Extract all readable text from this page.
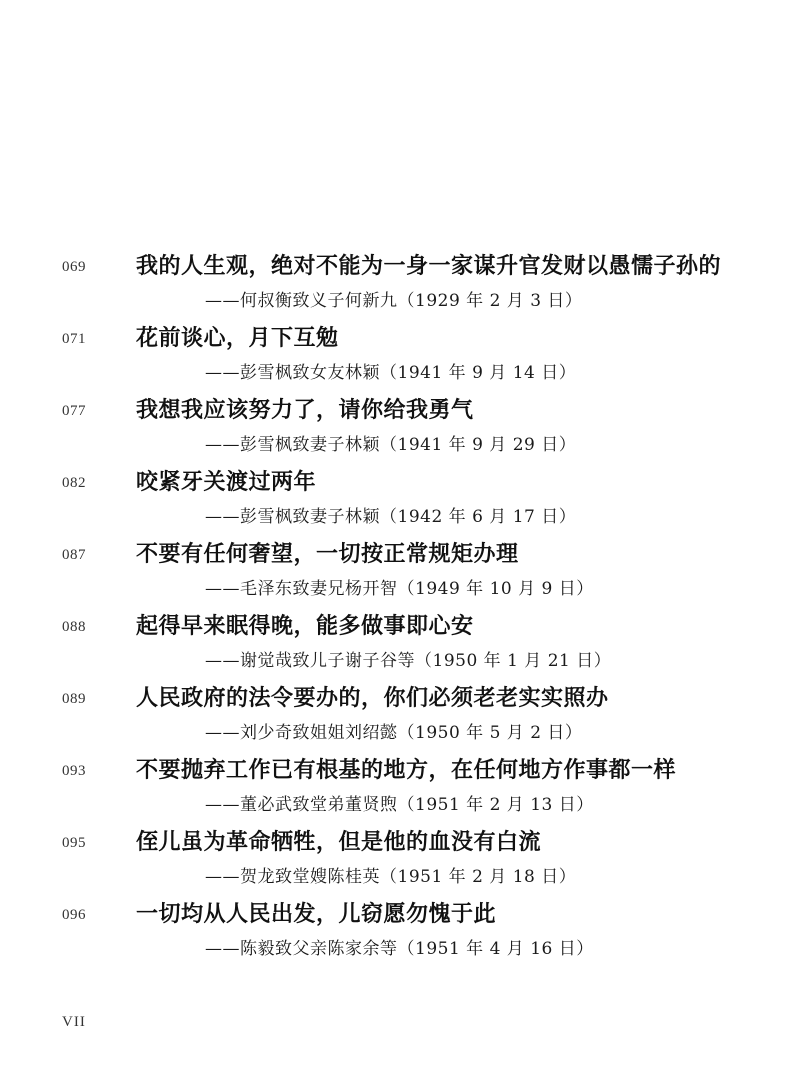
069 我的人生观，绝对不能为一身一家谋升官发财以愚懦子孙的
——何叔衡致义子何新九（1929 年 2 月 3 日）
071 花前谈心，月下互勉
——彭雪枫致女友林颖（1941 年 9 月 14 日）
077 我想我应该努力了，请你给我勇气
——彭雪枫致妻子林颖（1941 年 9 月 29 日）
082 咬紧牙关渡过两年
——彭雪枫致妻子林颖（1942 年 6 月 17 日）
087 不要有任何奢望，一切按正常规矩办理
——毛泽东致妻兄杨开智（1949 年 10 月 9 日）
088 起得早来眠得晚，能多做事即心安
——谢觉哉致儿子谢子谷等（1950 年 1 月 21 日）
089 人民政府的法令要办的，你们必须老老实实照办
——刘少奇致姐姐刘绍懿（1950 年 5 月 2 日）
093 不要抛弃工作已有根基的地方，在任何地方作事都一样
——董必武致堂弟董贤煦（1951 年 2 月 13 日）
095 侄儿虽为革命牺牲，但是他的血没有白流
——贺龙致堂嫂陈桂英（1951 年 2 月 18 日）
096 一切均从人民出发，儿窃愿勿愧于此
——陈毅致父亲陈家余等（1951 年 4 月 16 日）
VII
